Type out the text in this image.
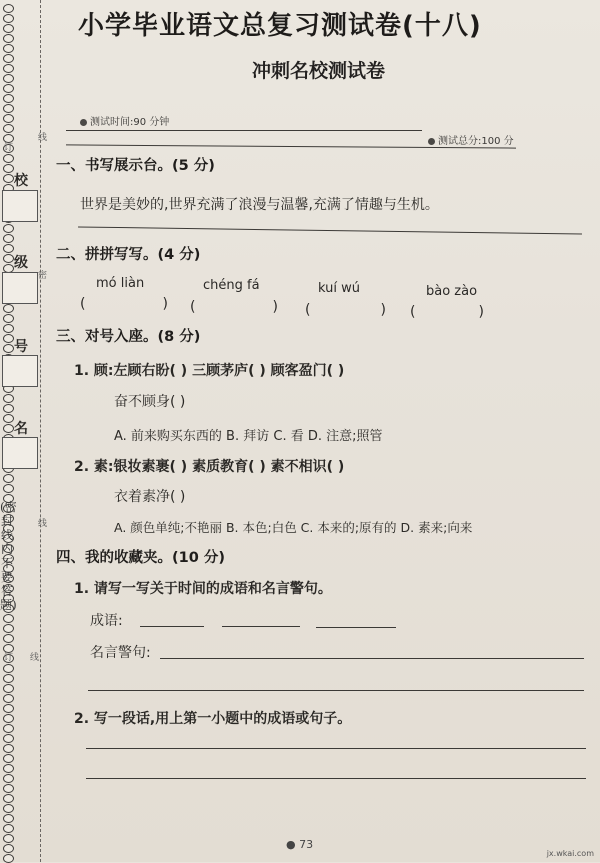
订
线
校
级
密
号
名
(密封线内不要答题)
线
订 线
小学毕业语文总复习测试卷(十八)
冲刺名校测试卷
测试时间:90 分钟
测试总分:100 分
一、书写展示台。(5 分)
世界是美妙的,世界充满了浪漫与温馨,充满了情趣与生机。
二、拼拼写写。(4 分)
mó liàn	chéng fá	kuí wú	bào zào
(      ) (      ) (     ) (     )
三、对号入座。(8 分)
1. 顾:左顾右盼( ) 三顾茅庐( ) 顾客盈门( )
奋不顾身( )
A. 前来购买东西的 B. 拜访 C. 看 D. 注意;照管
2. 素:银妆素裹( ) 素质教育( ) 素不相识( )
衣着素净( )
A. 颜色单纯;不艳丽 B. 本色;白色 C. 本来的;原有的 D. 素来;向来
四、我的收藏夹。(10 分)
1. 请写一写关于时间的成语和名言警句。
成语:
名言警句:
2. 写一段话,用上第一小题中的成语或句子。
● 73
jx.wkai.com
